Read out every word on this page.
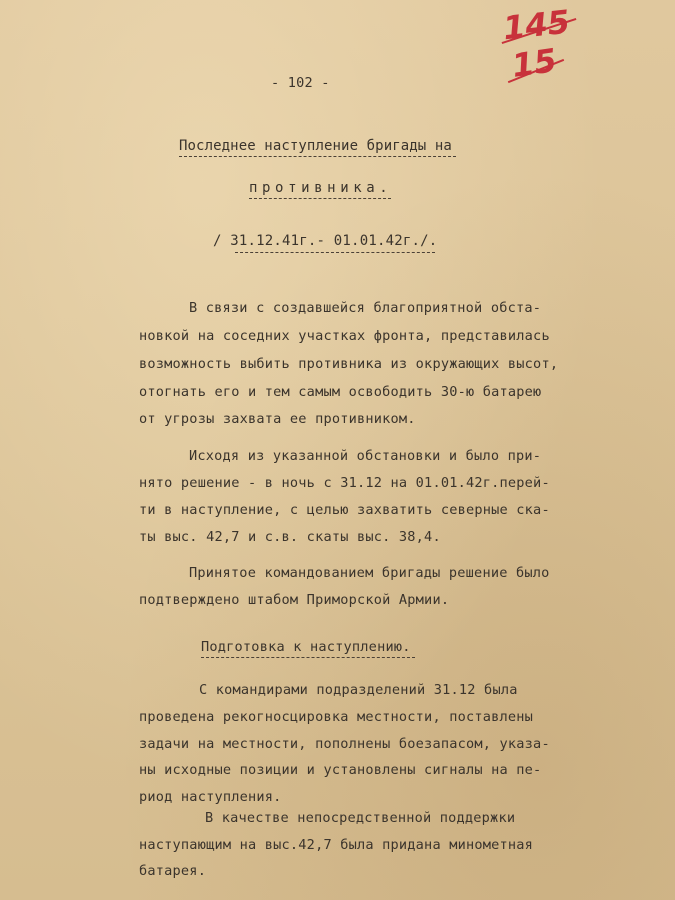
145
15
- 102 -
Последнее наступление бригады на
противника.
/ 31.12.41г.- 01.01.42г./.
В связи с создавшейся благоприятной обста-
новкой на соседних участках фронта, представилась
возможность выбить противника из окружающих высот,
отогнать его и тем самым освободить 30-ю батарею
от угрозы захвата ее противником.
Исходя из указанной обстановки и было при-
нято решение - в ночь с 31.12 на 01.01.42г.перей-
ти в наступление, с целью захватить северные ска-
ты выс. 42,7 и с.в. скаты выс. 38,4.
Принятое командованием бригады решение было
подтверждено штабом Приморской Армии.
Подготовка к наступлению.
С командирами подразделений 31.12 была
проведена рекогносцировка местности, поставлены
задачи на местности, пополнены боезапасом, указа-
ны исходные позиции и установлены сигналы на пе-
риод наступления.
В качестве непосредственной поддержки
наступающим на выс.42,7 была придана минометная
батарея.
